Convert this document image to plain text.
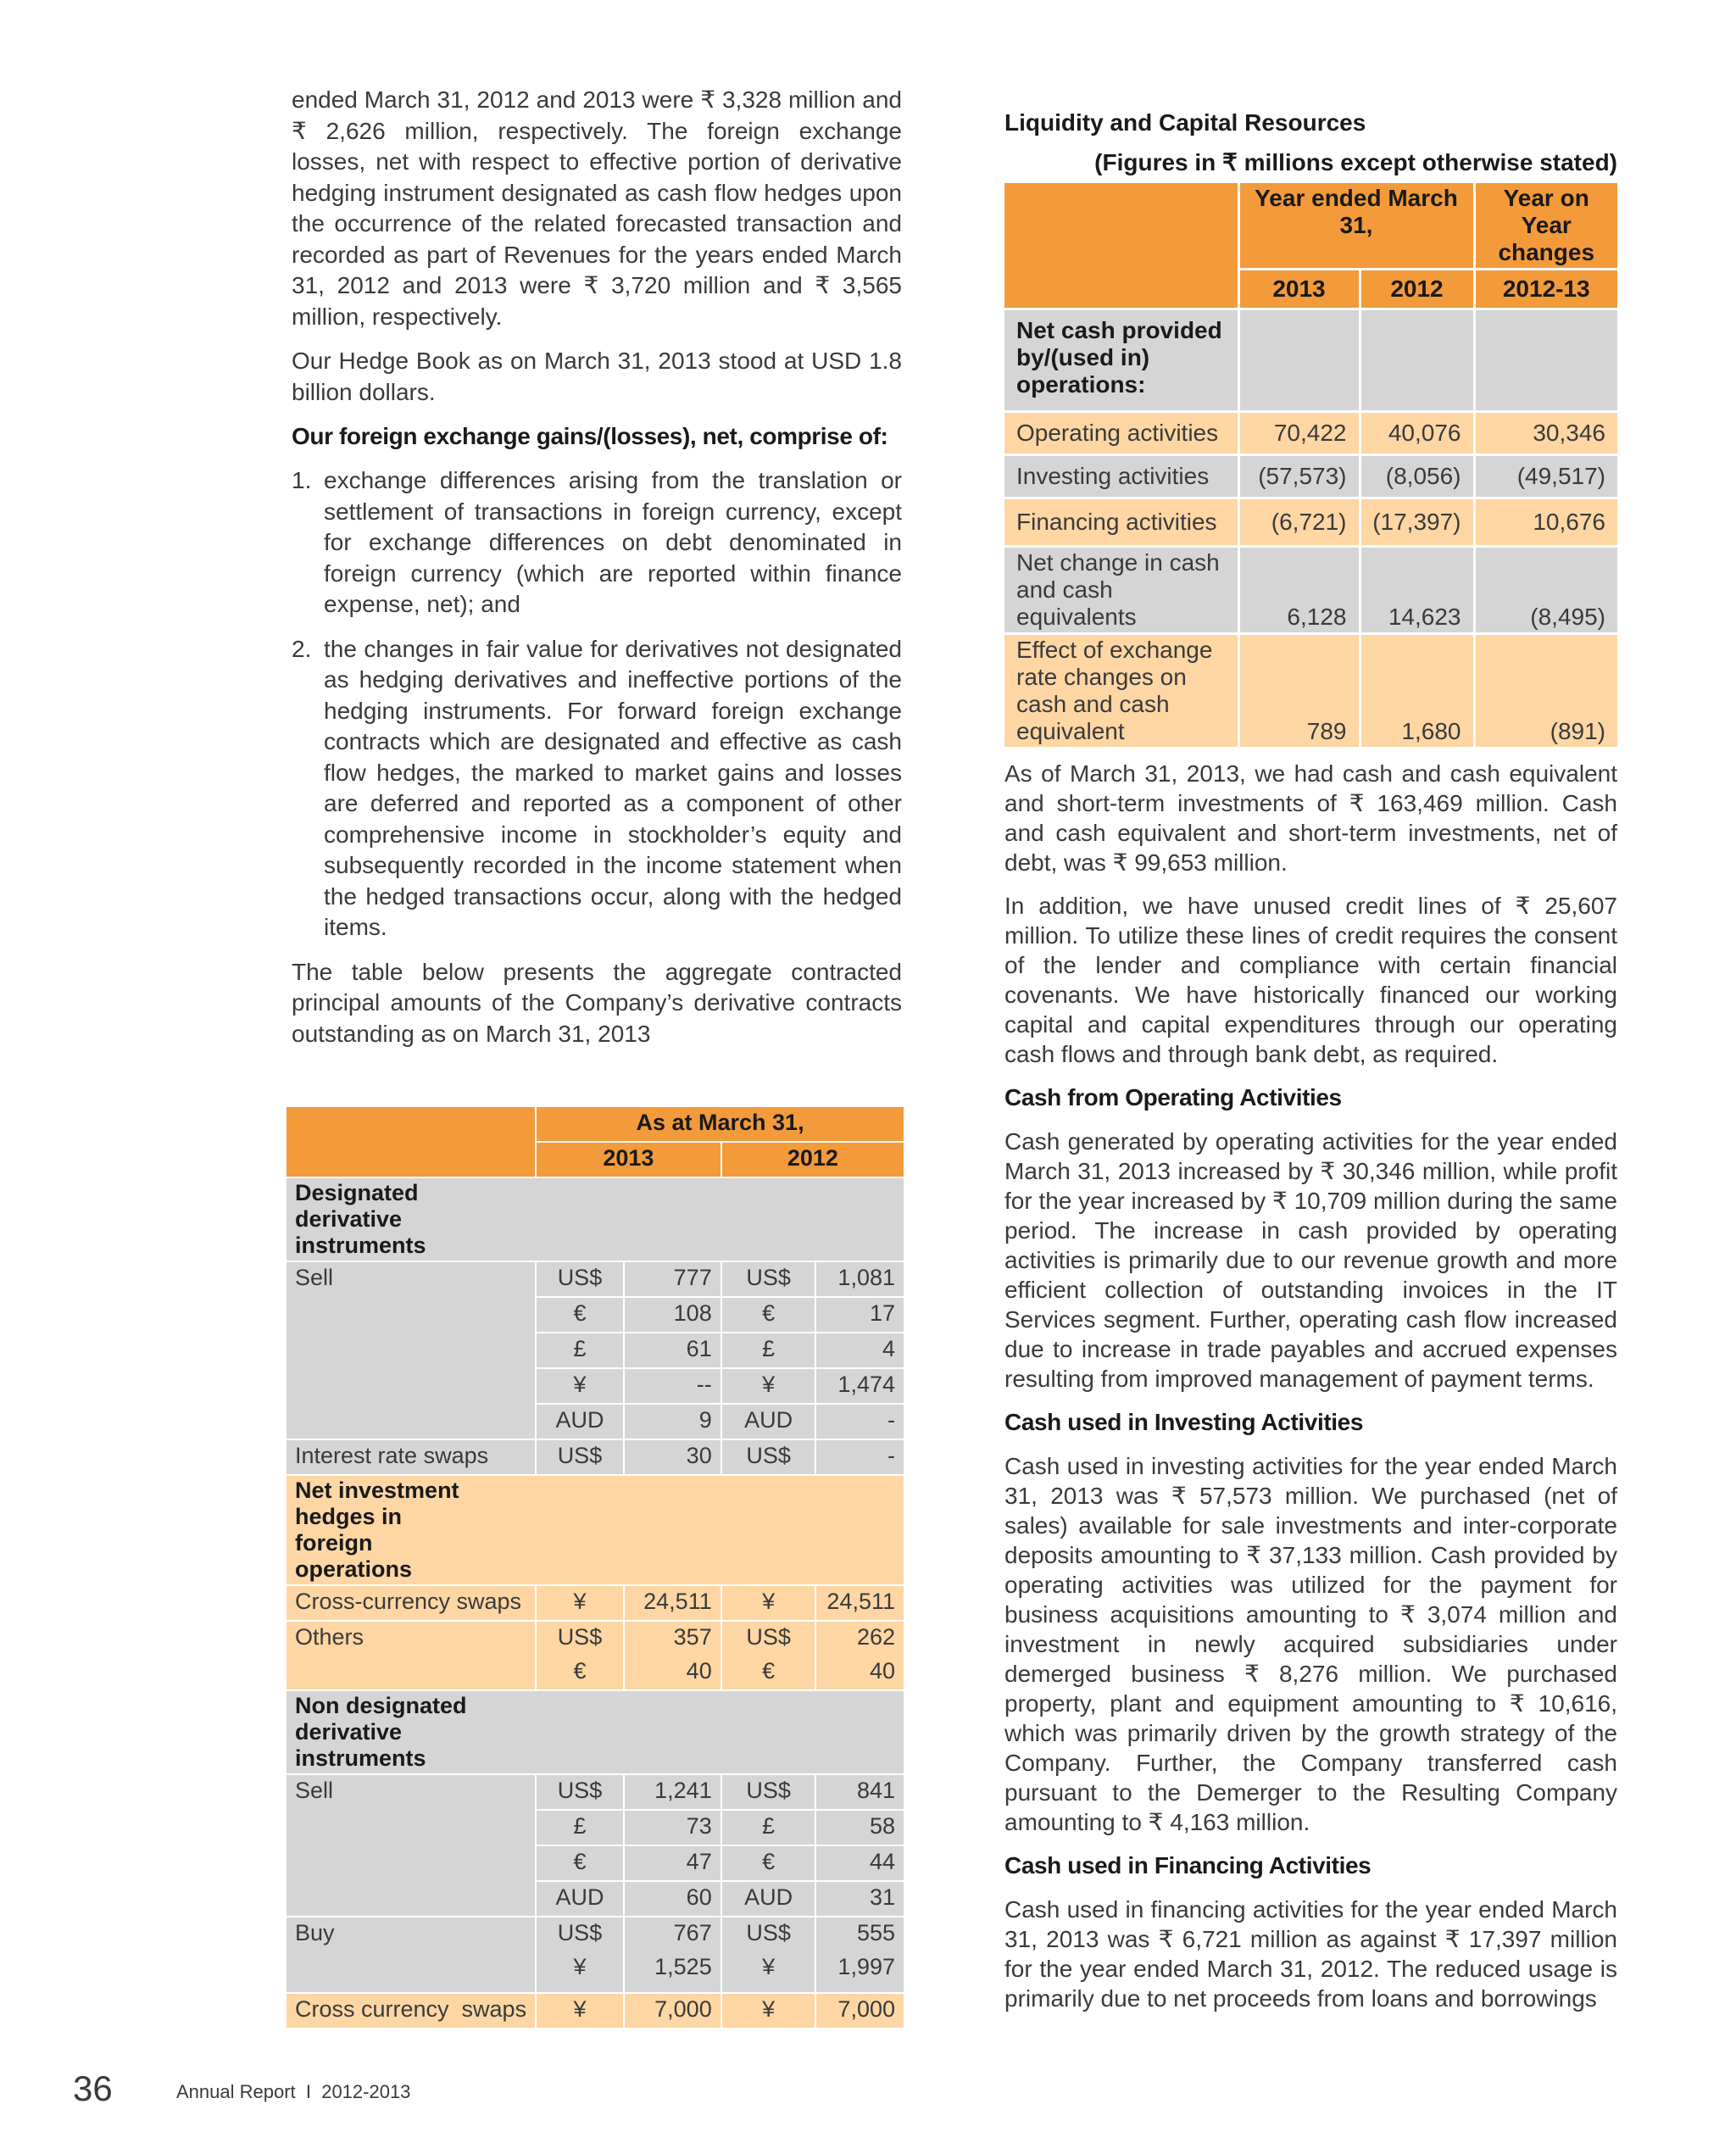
ended March 31, 2012 and 2013 were ₹ 3,328 million and ₹ 2,626 million, respectively. The foreign exchange losses, net with respect to effective portion of derivative hedging instrument designated as cash flow hedges upon the occurrence of the related forecasted transaction and recorded as part of Revenues for the years ended March 31, 2012 and 2013 were ₹ 3,720 million and ₹ 3,565 million, respectively.

Our Hedge Book as on March 31, 2013 stood at USD 1.8 billion dollars.

Our foreign exchange gains/(losses), net, comprise of:
1. exchange differences arising from the translation or settlement of transactions in foreign currency, except for exchange differences on debt denominated in foreign currency (which are reported within finance expense, net); and
2. the changes in fair value for derivatives not designated as hedging derivatives and ineffective portions of the hedging instruments. For forward foreign exchange contracts which are designated and effective as cash flow hedges, the marked to market gains and losses are deferred and reported as a component of other comprehensive income in stockholder’s equity and subsequently recorded in the income statement when the hedged transactions occur, along with the hedged items.

The table below presents the aggregate contracted principal amounts of the Company’s derivative contracts outstanding as on March 31, 2013

	As at March 31,			
	2013		2012	
Designated derivative instruments				
Sell	US$	777	US$	1,081
	€	108	€	17
	£	61	£	4
	¥	--	¥	1,474
	AUD	9	AUD	-
Interest rate swaps	US$	30	US$	-
Net investment hedges in foreign operations				
Cross-currency swaps	¥	24,511	¥	24,511
Others	US$	357	US$	262
	€	40	€	40
Non designated derivative instruments				
Sell	US$	1,241	US$	841
	£	73	£	58
	€	47	€	44
	AUD	60	AUD	31
Buy	US$	767	US$	555
	¥	1,525	¥	1,997
Cross currency  swaps	¥	7,000	¥	7,000
Liquidity and Capital Resources
(Figures in ₹ millions except otherwise stated)
	Year ended March 31,		Year on Year changes
	2013	2012	2012-13
Net cash provided by/(used in) operations:			
Operating activities	70,422	40,076	30,346
Investing activities	(57,573)	(8,056)	(49,517)
Financing activities	(6,721)	(17,397)	10,676
Net change in cash and cash equivalents	6,128	14,623	(8,495)
Effect of exchange rate changes on cash and cash equivalent	789	1,680	(891)

As of March 31, 2013, we had cash and cash equivalent and short-term investments of ₹ 163,469 million. Cash and cash equivalent and short-term investments, net of debt, was ₹ 99,653 million.

In addition, we have unused credit lines of ₹ 25,607 million. To utilize these lines of credit requires the consent of the lender and compliance with certain financial covenants. We have historically financed our working capital and capital expenditures through our operating cash flows and through bank debt, as required.

Cash from Operating Activities

Cash generated by operating activities for the year ended March 31, 2013 increased by ₹ 30,346 million, while profit for the year increased by ₹ 10,709 million during the same period. The increase in cash provided by operating activities is primarily due to our revenue growth and more efficient collection of outstanding invoices in the IT Services segment. Further, operating cash flow increased due to increase in trade payables and accrued expenses resulting from improved management of payment terms.

Cash used in Investing Activities

Cash used in investing activities for the year ended March 31, 2013 was ₹ 57,573 million. We purchased (net of sales) available for sale investments and inter-corporate deposits amounting to ₹ 37,133 million. Cash provided by operating activities was utilized for the payment for business acquisitions amounting to ₹ 3,074 million and investment in newly acquired subsidiaries under demerged business ₹ 8,276 million. We purchased property, plant and equipment amounting to ₹ 10,616, which was primarily driven by the growth strategy of the Company. Further, the Company transferred cash pursuant to the Demerger to the Resulting Company amounting to ₹ 4,163 million.

Cash used in Financing Activities

Cash used in financing activities for the year ended March 31, 2013 was ₹ 6,721 million as against ₹ 17,397 million for the year ended March 31, 2012. The reduced usage is primarily due to net proceeds from loans and borrowings

36	Annual Report  I  2012-2013
